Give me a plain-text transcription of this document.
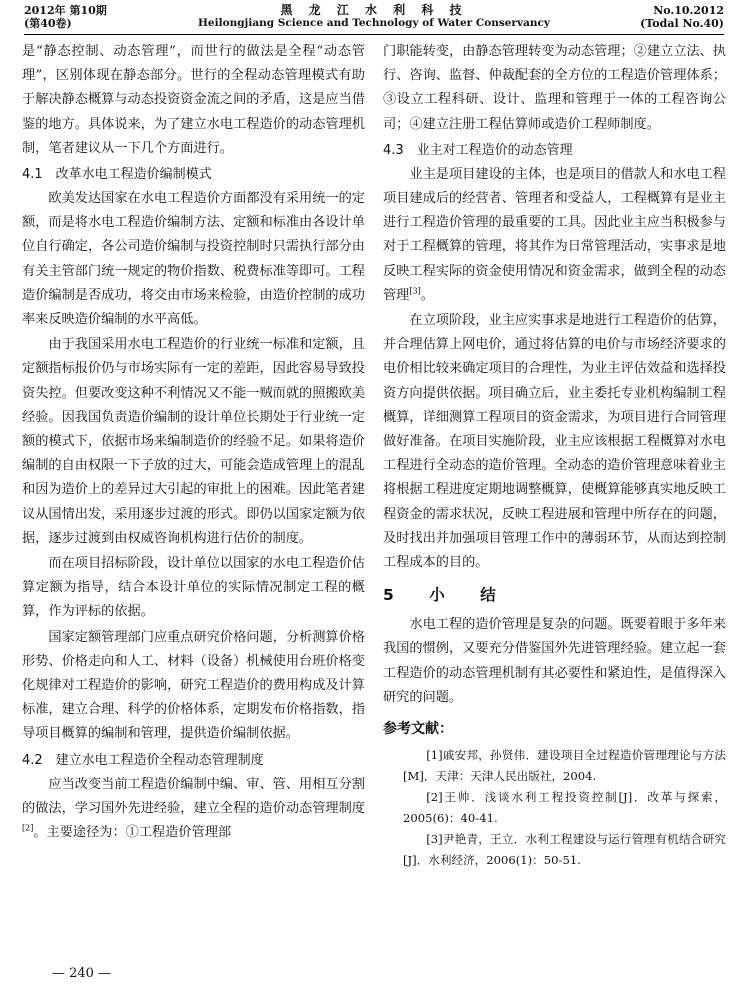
2012年 第10期
(第40卷)
黑 龙 江 水 利 科 技
Heilongjiang Science and Technology of Water Conservancy
No.10.2012
(Todal No.40)

是“静态控制、动态管理”，而世行的做法是全程“动态管理”，区别体现在静态部分。世行的全程动态管理模式有助于解决静态概算与动态投资资金流之间的矛盾，这是应当借鉴的地方。具体说来，为了建立水电工程造价的动态管理机制，笔者建议从一下几个方面进行。

4.1　改革水电工程造价编制模式

欧美发达国家在水电工程造价方面都没有采用统一的定额，而是将水电工程造价编制方法、定额和标准由各设计单位自行确定，各公司造价编制与投资控制时只需执行部分由有关主管部门统一规定的物价指数、税费标准等即可。工程造价编制是否成功，将交由市场来检验，由造价控制的成功率来反映造价编制的水平高低。

由于我国采用水电工程造价的行业统一标准和定额，且定额指标报价仍与市场实际有一定的差距，因此容易导致投资失控。但要改变这种不利情况又不能一贼而就的照搬欧美经验。因我国负责造价编制的设计单位长期处于行业统一定额的模式下，依据市场来编制造价的经验不足。如果将造价编制的自由权限一下子放的过大，可能会造成管理上的混乱和因为造价上的差异过大引起的审批上的困难。因此笔者建议从国情出发，采用逐步过渡的形式。即仍以国家定额为依据，逐步过渡到由权威咨询机构进行估价的制度。

而在项目招标阶段，设计单位以国家的水电工程造价估算定额为指导，结合本设计单位的实际情况制定工程的概算，作为评标的依据。

国家定额管理部门应重点研究价格问题，分析测算价格形势、价格走向和人工、材料（设备）机械使用台班价格变化规律对工程造价的影响，研究工程造价的费用构成及计算标准，建立合理、科学的价格体系，定期发布价格指数，指导项目概算的编制和管理，提供造价编制依据。

4.2　建立水电工程造价全程动态管理制度

应当改变当前工程造价编制中编、审、管、用相互分割的做法，学习国外先进经验，建立全程的造价动态管理制度[2]。主要途径为：①工程造价管理部

门职能转变，由静态管理转变为动态管理；②建立立法、执行、咨询、监督、仲裁配套的全方位的工程造价管理体系；③设立工程科研、设计、监理和管理于一体的工程咨询公司；④建立注册工程估算师或造价工程师制度。

4.3　业主对工程造价的动态管理

业主是项目建设的主体，也是项目的借款人和水电工程项目建成后的经营者、管理者和受益人，工程概算有是业主进行工程造价管理的最重要的工具。因此业主应当积极参与对于工程概算的管理，将其作为日常管理活动，实事求是地反映工程实际的资金使用情况和资金需求，做到全程的动态管理[3]。

在立项阶段，业主应实事求是地进行工程造价的估算，并合理估算上网电价，通过将估算的电价与市场经济要求的电价相比较来确定项目的合理性，为业主评估效益和选择投资方向提供依据。项目确立后，业主委托专业机构编制工程概算，详细测算工程项目的资金需求，为项目进行合同管理做好准备。在项目实施阶段，业主应该根据工程概算对水电工程进行全动态的造价管理。全动态的造价管理意味着业主将根据工程进度定期地调整概算，使概算能够真实地反映工程资金的需求状况，反映工程进展和管理中所存在的问题，及时找出并加强项目管理工作中的薄弱环节，从而达到控制工程成本的目的。

5　小　结

水电工程的造价管理是复杂的问题。既要着眼于多年来我国的惯例，又要充分借鉴国外先进管理经验。建立起一套工程造价的动态管理机制有其必要性和紧迫性，是值得深入研究的问题。

参考文献：

[1]戚安邦，孙贤伟．建设项目全过程造价管理理论与方法[M]．天津：天津人民出版社，2004.

[2]王帅．浅谈水利工程投资控制[J]．改革与探索，2005(6)：40-41.

[3]尹艳青，王立．水利工程建设与运行管理有机结合研究[J]．水利经济，2006(1)：50-51.

— 240 —
